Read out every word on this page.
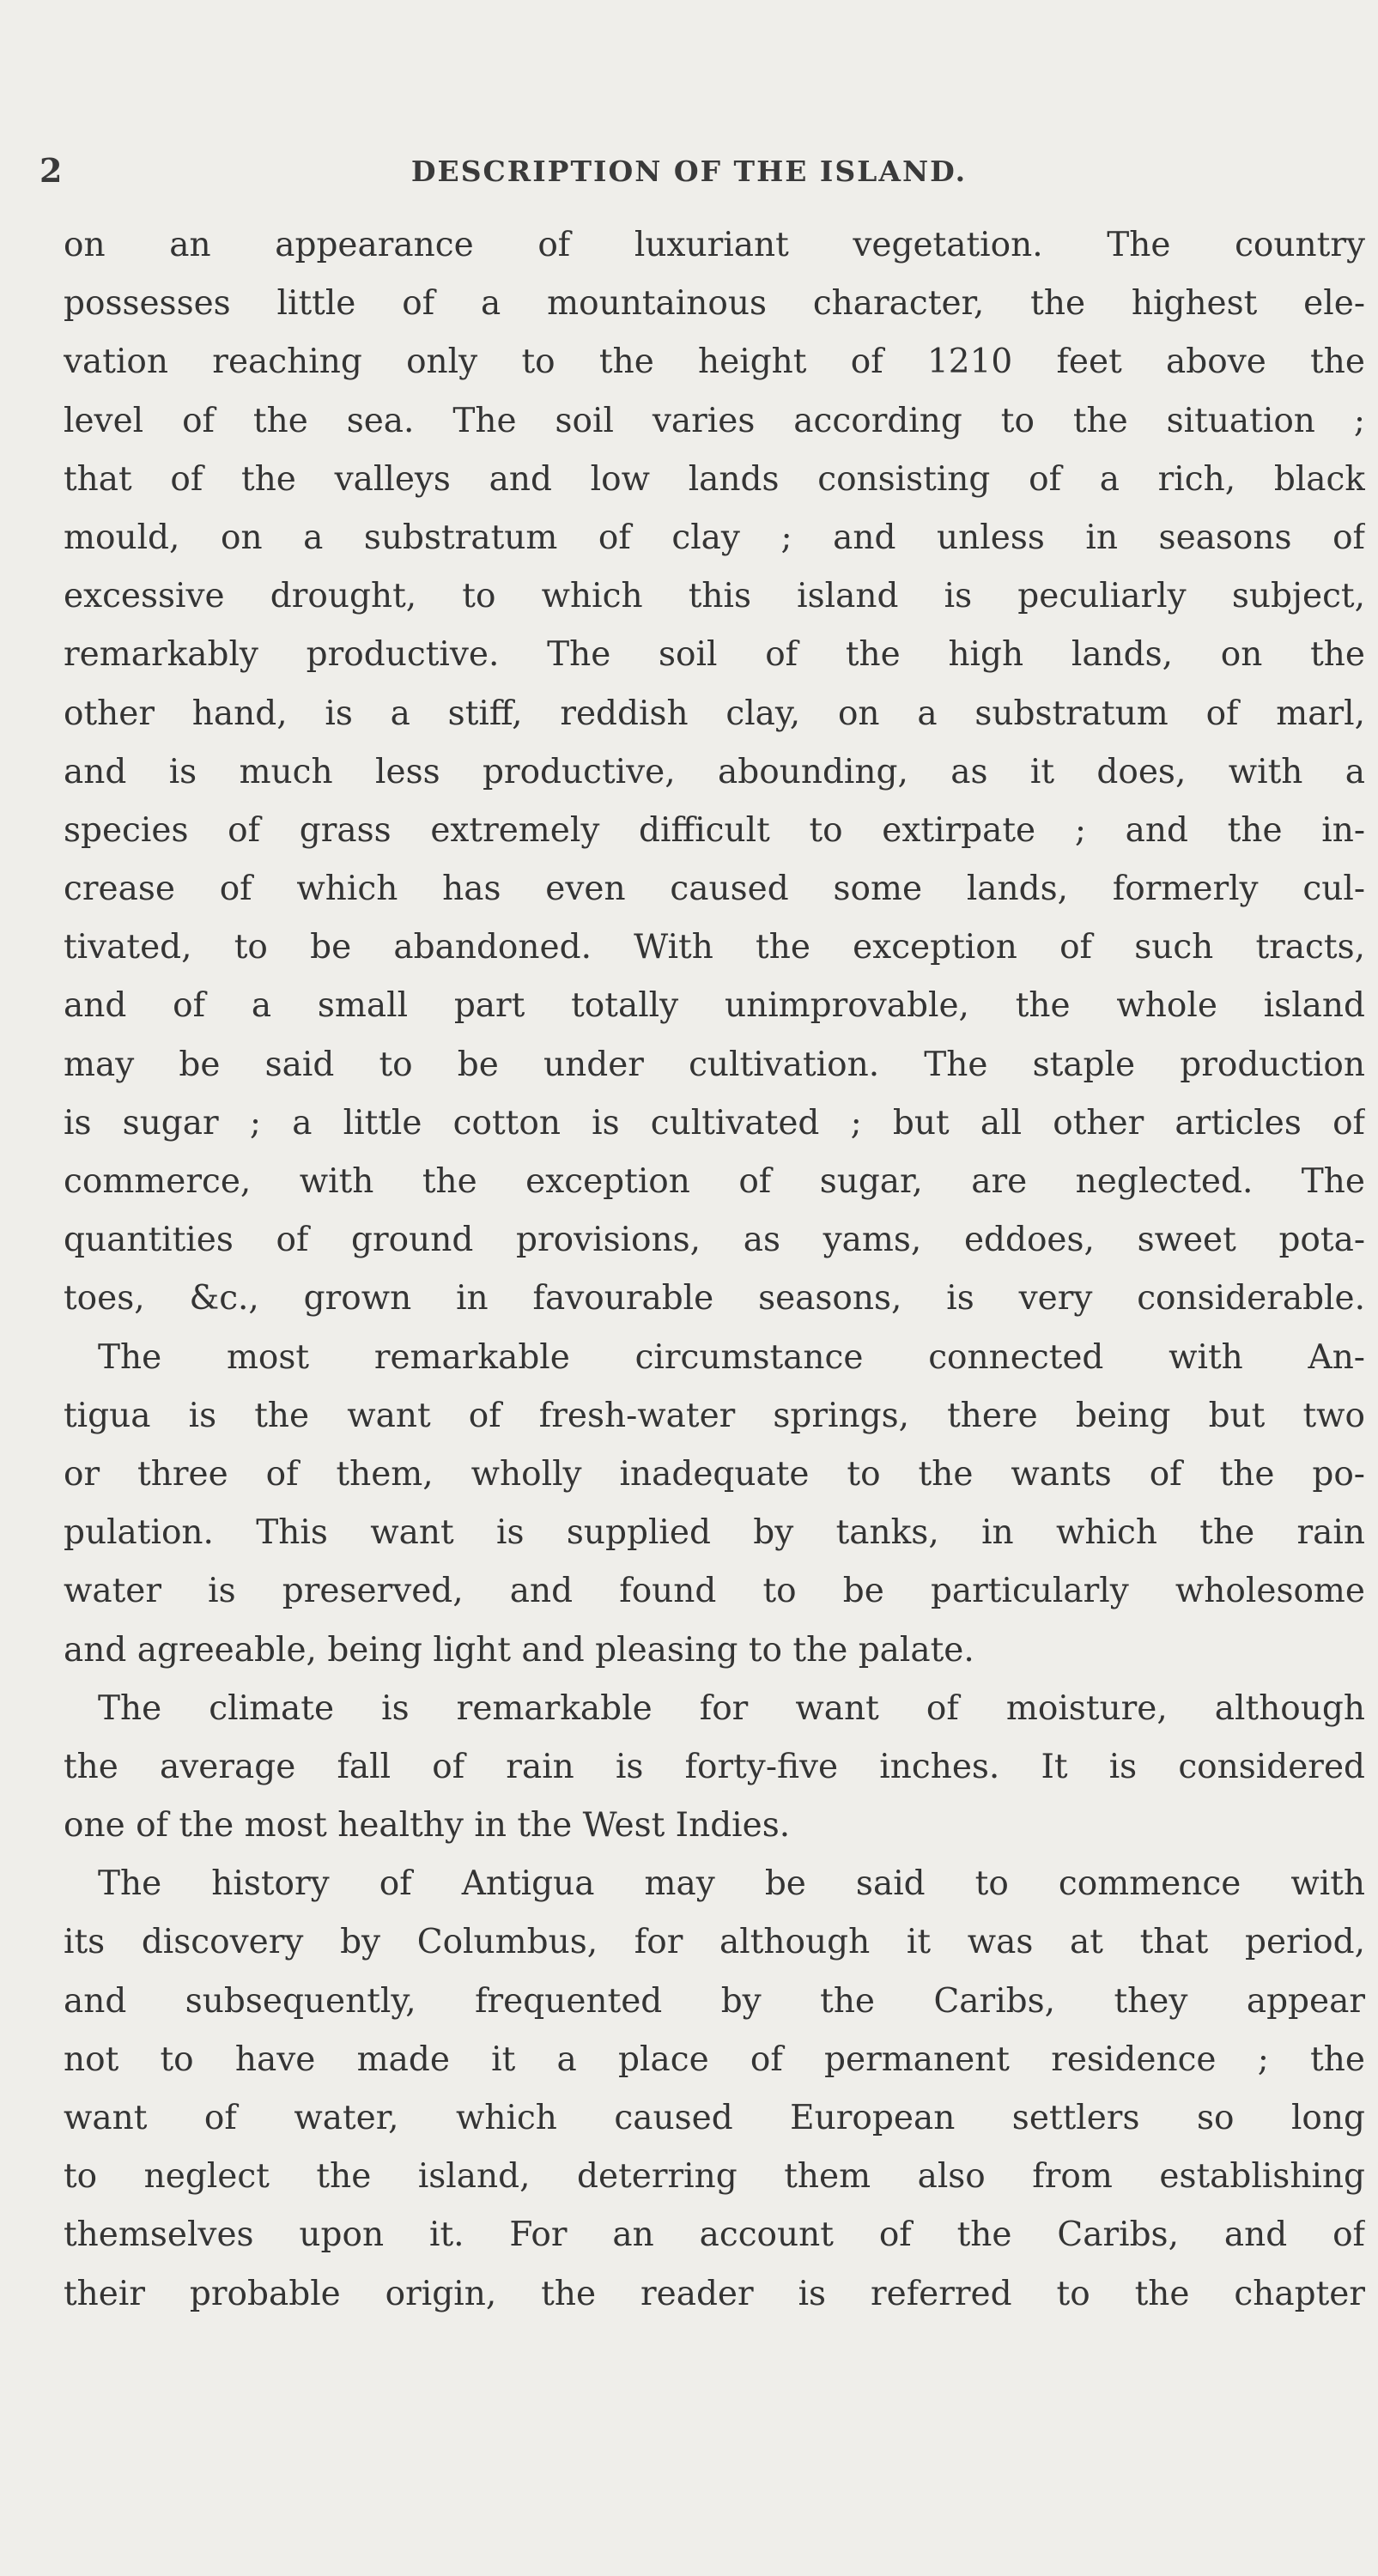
2	DESCRIPTION OF THE ISLAND.
on an appearance of luxuriant vegetation. The country
possesses little of a mountainous character, the highest ele-
vation reaching only to the height of 1210 feet above the
level of the sea. The soil varies according to the situation ;
that of the valleys and low lands consisting of a rich, black
mould, on a substratum of clay ; and unless in seasons of
excessive drought, to which this island is peculiarly subject,
remarkably productive. The soil of the high lands, on the
other hand, is a stiff, reddish clay, on a substratum of marl,
and is much less productive, abounding, as it does, with a
species of grass extremely difficult to extirpate ; and the in-
crease of which has even caused some lands, formerly cul-
tivated, to be abandoned. With the exception of such tracts,
and of a small part totally unimprovable, the whole island
may be said to be under cultivation. The staple production
is sugar ; a little cotton is cultivated ; but all other articles of
commerce, with the exception of sugar, are neglected. The
quantities of ground provisions, as yams, eddoes, sweet pota-
toes, &c., grown in favourable seasons, is very considerable.
The most remarkable circumstance connected with An-
tigua is the want of fresh-water springs, there being but two
or three of them, wholly inadequate to the wants of the po-
pulation. This want is supplied by tanks, in which the rain
water is preserved, and found to be particularly wholesome
and agreeable, being light and pleasing to the palate.
The climate is remarkable for want of moisture, although
the average fall of rain is forty-five inches. It is considered
one of the most healthy in the West Indies.
The history of Antigua may be said to commence with
its discovery by Columbus, for although it was at that period,
and subsequently, frequented by the Caribs, they appear
not to have made it a place of permanent residence ; the
want of water, which caused European settlers so long
to neglect the island, deterring them also from establishing
themselves upon it. For an account of the Caribs, and of
their probable origin, the reader is referred to the chapter
